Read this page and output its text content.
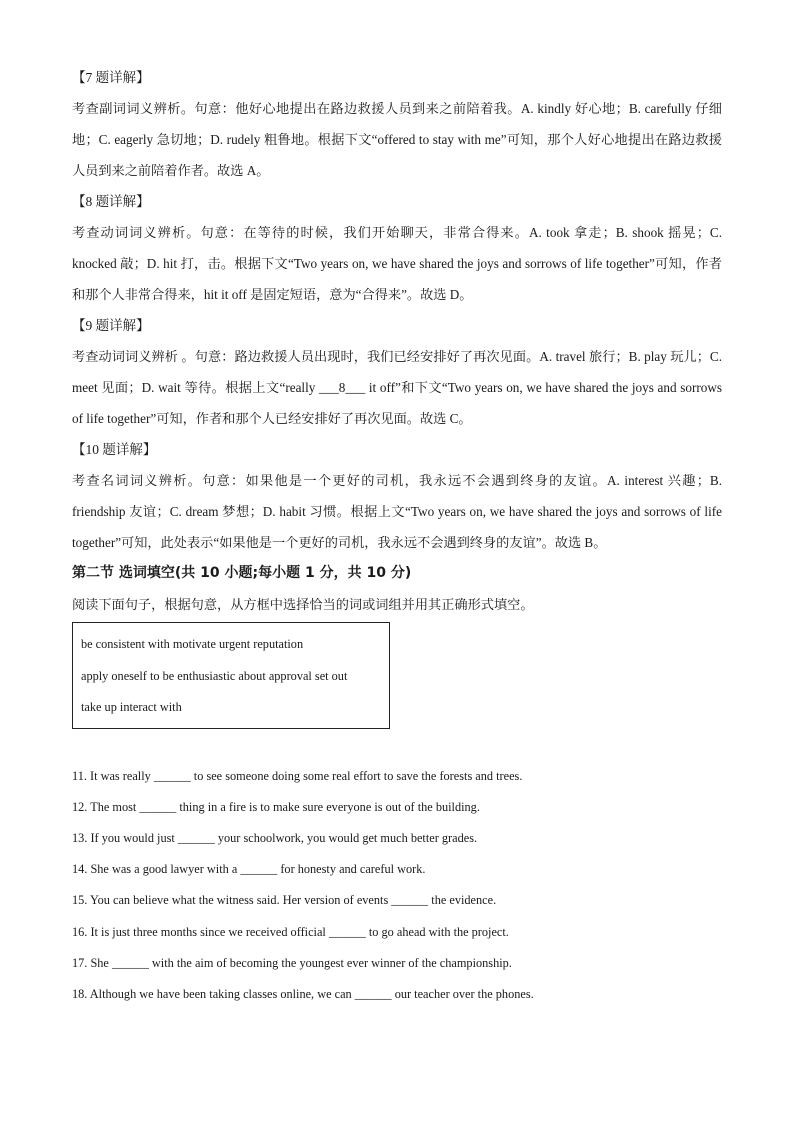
【7 题详解】

考查副词词义辨析。句意：他好心地提出在路边救援人员到来之前陪着我。A. kindly 好心地；B. carefully 仔细地；C. eagerly 急切地；D. rudely 粗鲁地。根据下文“offered to stay with me”可知，那个人好心地提出在路边救援人员到来之前陪着作者。故选 A。

【8 题详解】

考查动词词义辨析。句意：在等待的时候，我们开始聊天，非常合得来。A. took 拿走；B. shook 摇晃；C. knocked 敲；D. hit 打，击。根据下文“Two years on, we have shared the joys and sorrows of life together”可知，作者和那个人非常合得来，hit it off 是固定短语，意为“合得来”。故选 D。

【9 题详解】

考查动词词义辨析 。句意：路边救援人员出现时，我们已经安排好了再次见面。A. travel 旅行；B. play 玩儿；C. meet 见面；D. wait 等待。根据上文“really ___8___ it off”和下文“Two years on, we have shared the joys and sorrows of life together”可知，作者和那个人已经安排好了再次见面。故选 C。

【10 题详解】

考查名词词义辨析。句意：如果他是一个更好的司机，我永远不会遇到终身的友谊。A. interest 兴趣；B. friendship 友谊；C. dream 梦想；D. habit 习惯。根据上文“Two years on, we have shared the joys and sorrows of life together”可知，此处表示“如果他是一个更好的司机，我永远不会遇到终身的友谊”。故选 B。

第二节 选词填空(共 10 小题;每小题 1 分，共 10 分)

阅读下面句子，根据句意，从方框中选择恰当的词或词组并用其正确形式填空。

be consistent with motivate urgent reputation

apply oneself to be enthusiastic about approval set out

take up interact with

11. It was really ______ to see someone doing some real effort to save the forests and trees.

12. The most ______ thing in a fire is to make sure everyone is out of the building.

13. If you would just ______ your schoolwork, you would get much better grades.

14. She was a good lawyer with a ______ for honesty and careful work.

15. You can believe what the witness said. Her version of events ______ the evidence.

16. It is just three months since we received official ______ to go ahead with the project.

17. She ______ with the aim of becoming the youngest ever winner of the championship.

18. Although we have been taking classes online, we can ______ our teacher over the phones.
